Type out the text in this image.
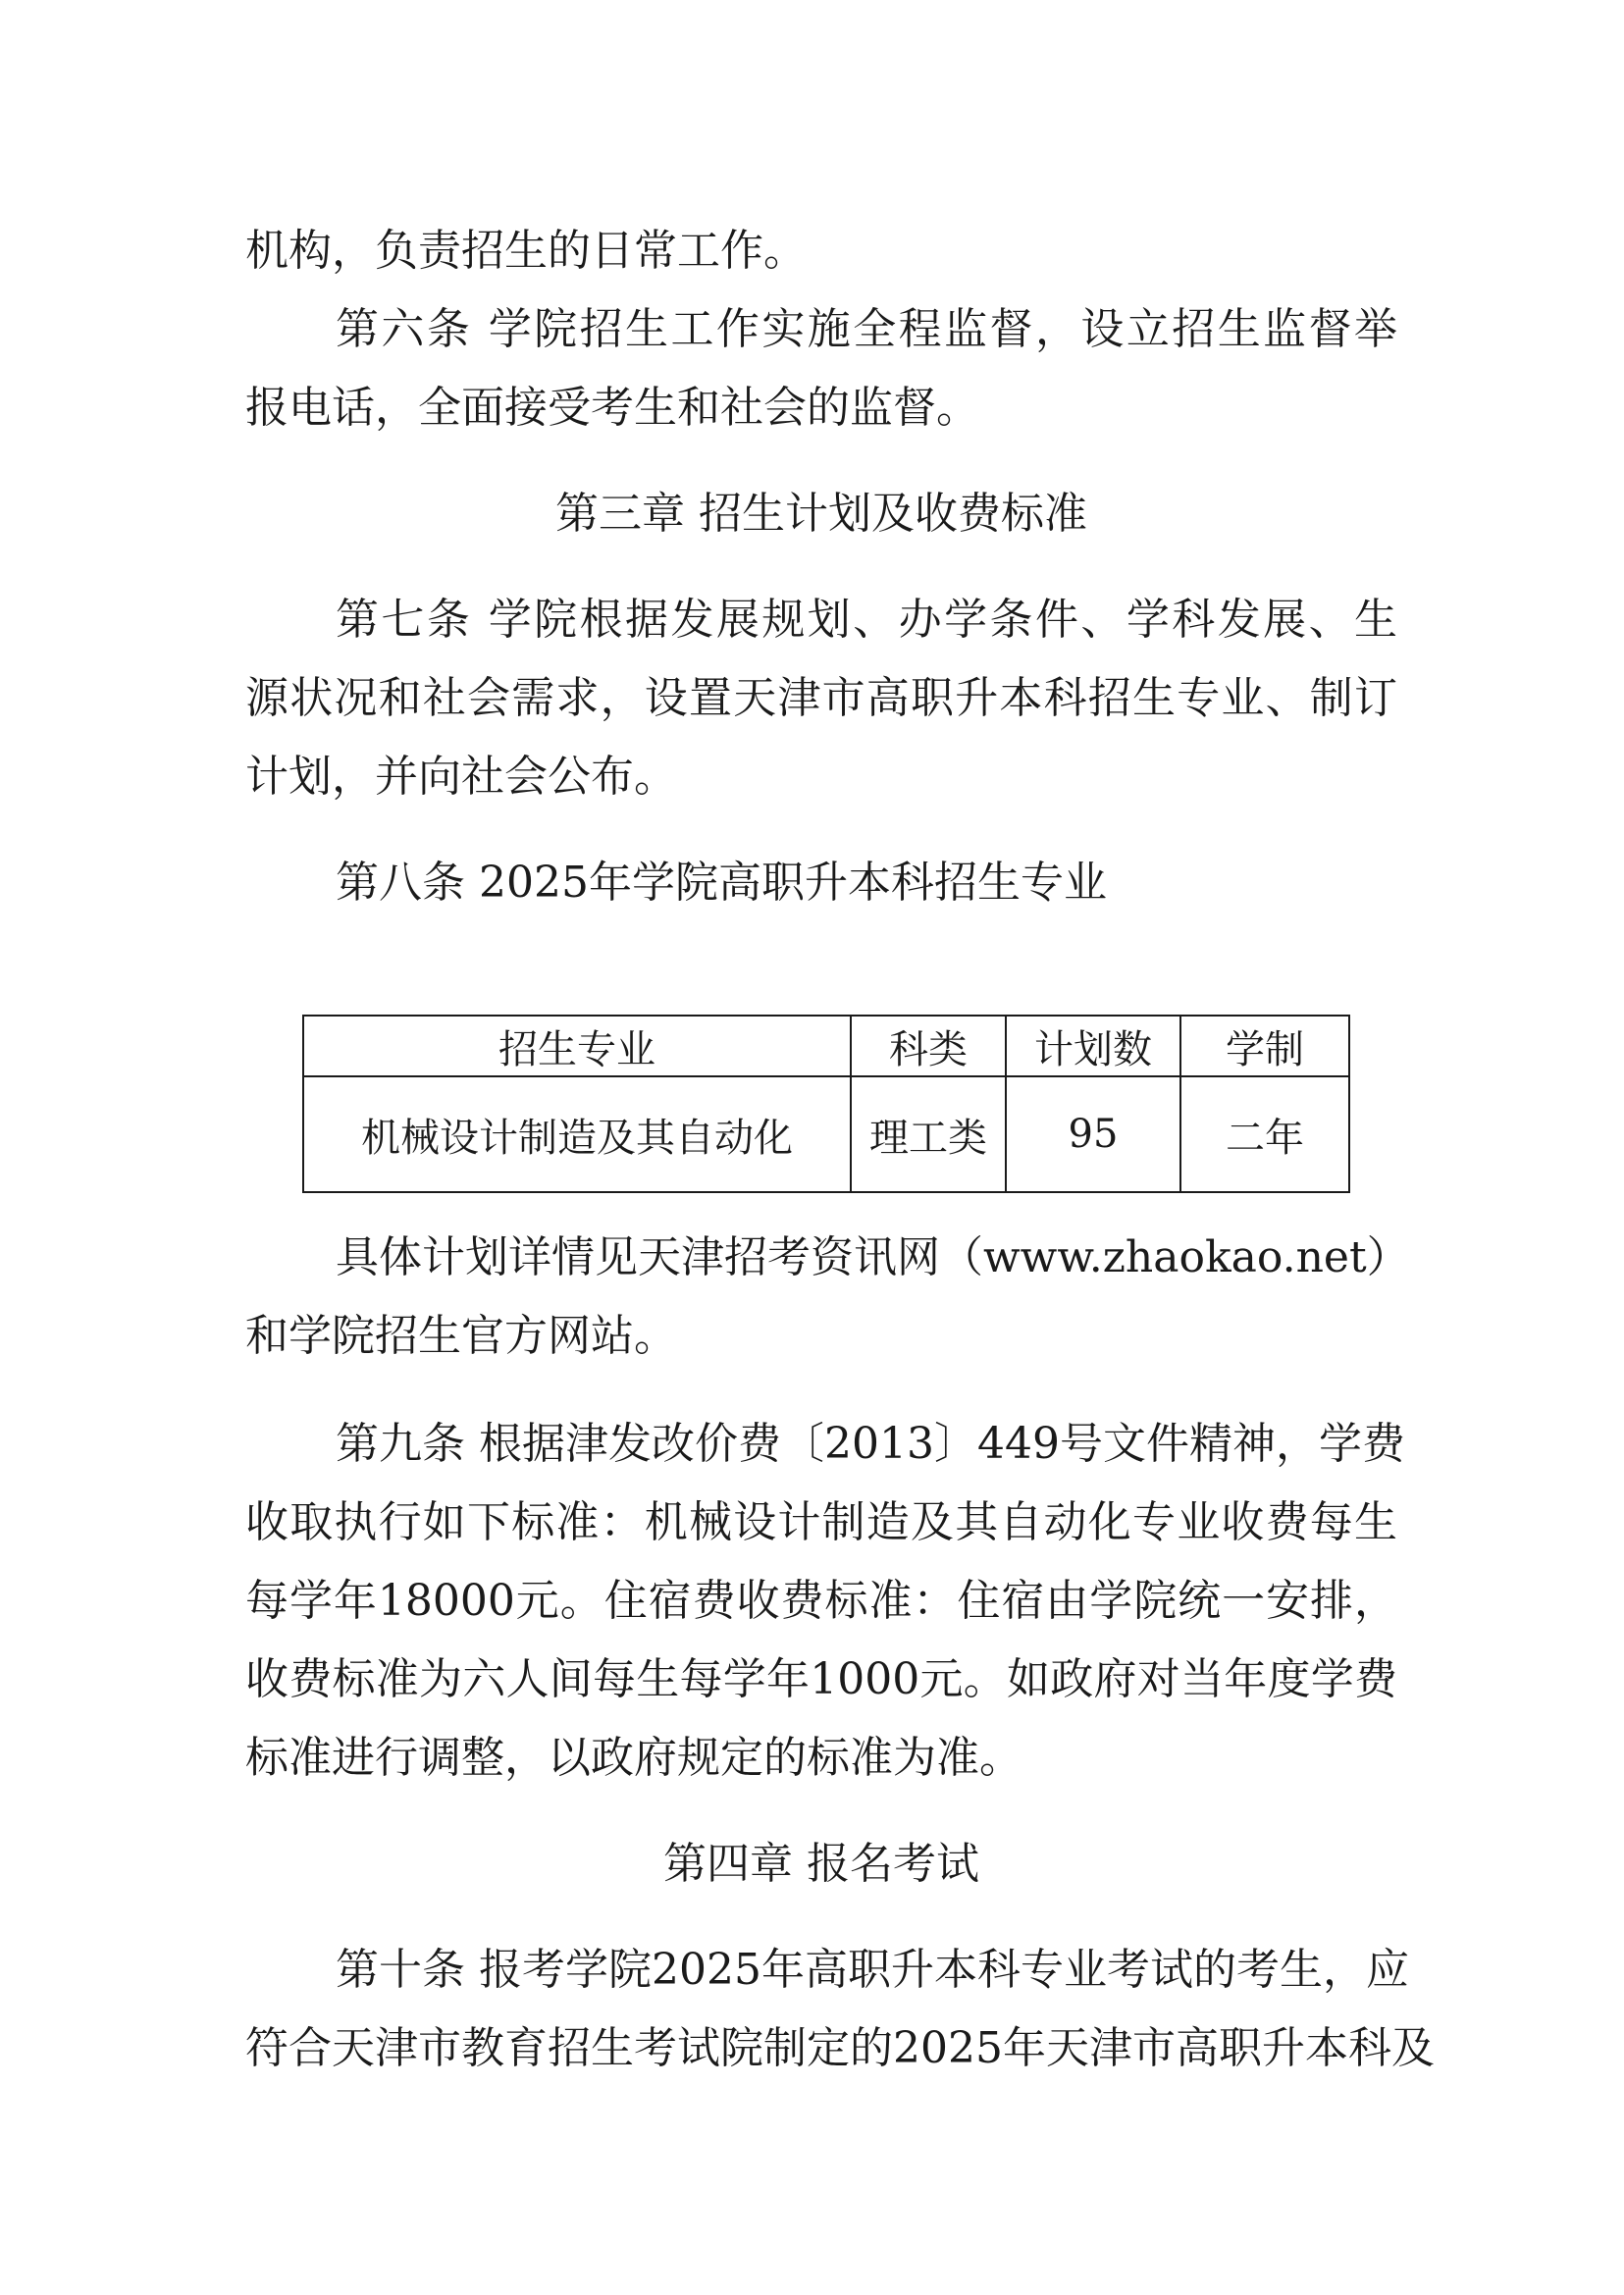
机构，负责招生的日常工作。
第六条 学院招生工作实施全程监督，设立招生监督举
报电话，全面接受考生和社会的监督。
第三章 招生计划及收费标准
第七条 学院根据发展规划、办学条件、学科发展、生
源状况和社会需求，设置天津市高职升本科招生专业、制订
计划，并向社会公布。
第八条 2025年学院高职升本科招生专业
招生专业	科类	计划数	学制
机械设计制造及其自动化	理工类	95	二年
具体计划详情见天津招考资讯网（www.zhaokao.net）
和学院招生官方网站。
第九条 根据津发改价费〔2013〕449号文件精神，学费
收取执行如下标准：机械设计制造及其自动化专业收费每生
每学年18000元。住宿费收费标准：住宿由学院统一安排，
收费标准为六人间每生每学年1000元。如政府对当年度学费
标准进行调整，以政府规定的标准为准。
第四章 报名考试
第十条 报考学院2025年高职升本科专业考试的考生，应
符合天津市教育招生考试院制定的2025年天津市高职升本科及
